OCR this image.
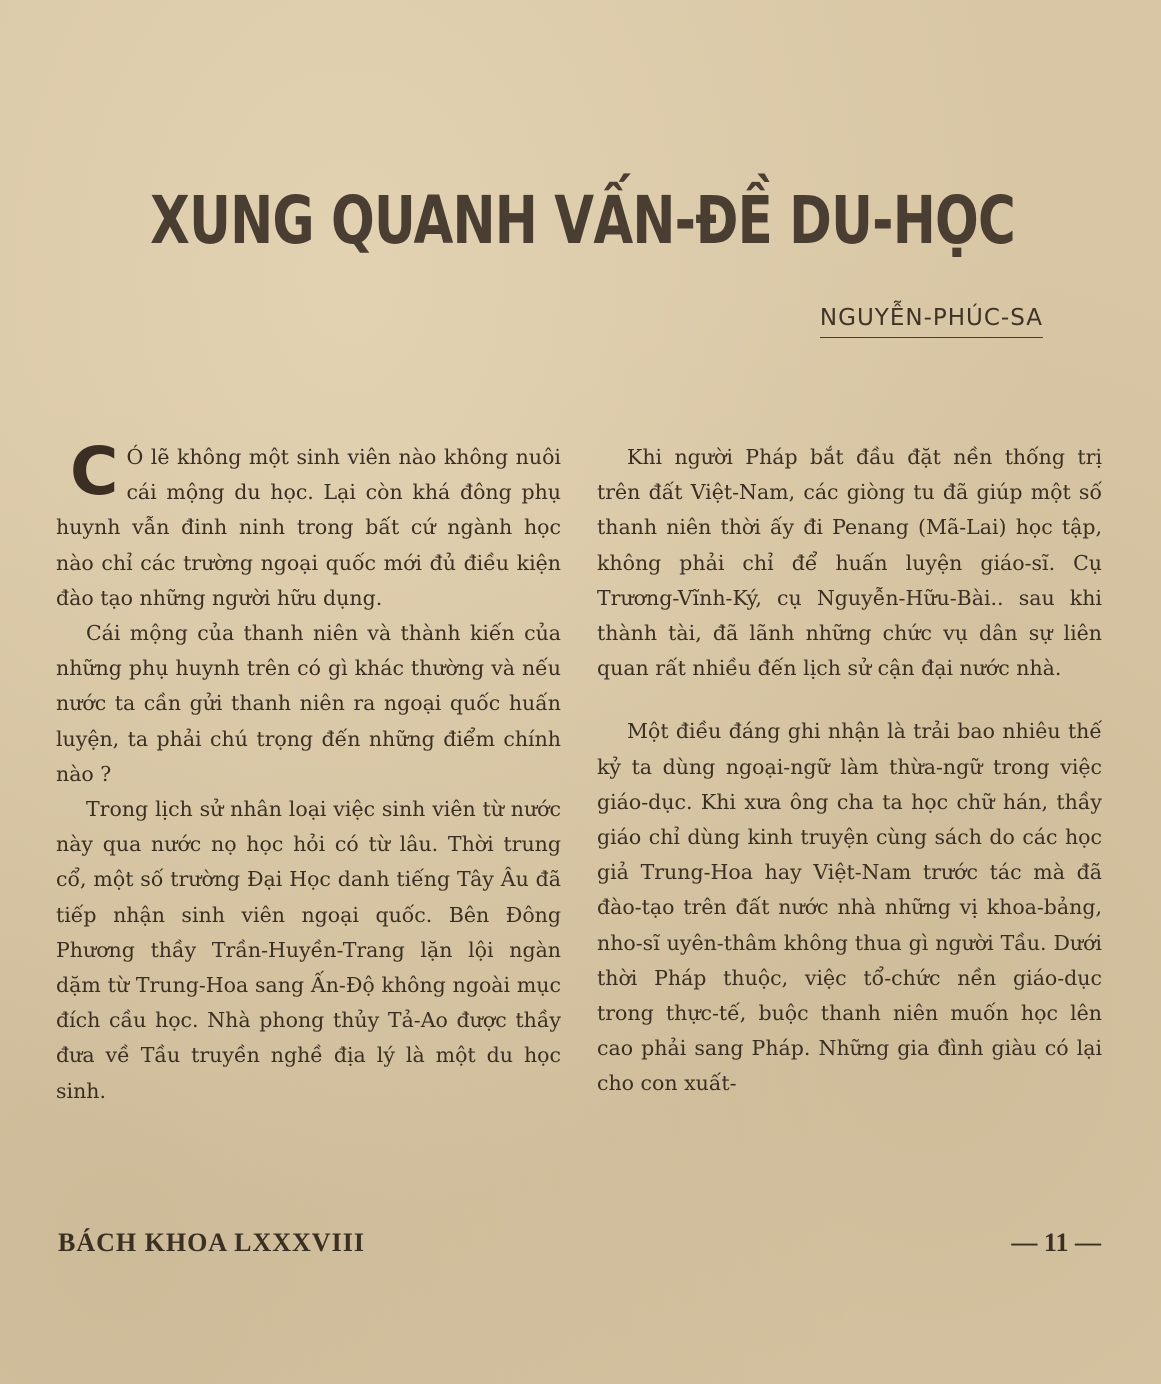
XUNG QUANH VẤN-ĐỀ DU-HỌC
NGUYỄN-PHÚC-SA

C Ó lẽ không một sinh viên nào không nuôi cái mộng du học. Lại còn khá đông phụ huynh vẫn đinh ninh trong bất cứ ngành học nào chỉ các trường ngoại quốc mới đủ điều kiện đào tạo những người hữu dụng.

Cái mộng của thanh niên và thành kiến của những phụ huynh trên có gì khác thường và nếu nước ta cần gửi thanh niên ra ngoại quốc huấn luyện, ta phải chú trọng đến những điểm chính nào ?

Trong lịch sử nhân loại việc sinh viên từ nước này qua nước nọ học hỏi có từ lâu. Thời trung cổ, một số trường Đại Học danh tiếng Tây Âu đã tiếp nhận sinh viên ngoại quốc. Bên Đông Phương thầy Trần-Huyền-Trang lặn lội ngàn dặm từ Trung-Hoa sang Ấn-Độ không ngoài mục đích cầu học. Nhà phong thủy Tả-Ao được thầy đưa về Tầu truyền nghề địa lý là một du học sinh.

Khi người Pháp bắt đầu đặt nền thống trị trên đất Việt-Nam, các giòng tu đã giúp một số thanh niên thời ấy đi Penang (Mã-Lai) học tập, không phải chỉ để huấn luyện giáo-sĩ. Cụ Trương-Vĩnh-Ký, cụ Nguyễn-Hữu-Bài.. sau khi thành tài, đã lãnh những chức vụ dân sự liên quan rất nhiều đến lịch sử cận đại nước nhà.

Một điều đáng ghi nhận là trải bao nhiêu thế kỷ ta dùng ngoại-ngữ làm thừa-ngữ trong việc giáo-dục. Khi xưa ông cha ta học chữ hán, thầy giáo chỉ dùng kinh truyện cùng sách do các học giả Trung-Hoa hay Việt-Nam trước tác mà đã đào-tạo trên đất nước nhà những vị khoa-bảng, nho-sĩ uyên-thâm không thua gì người Tầu. Dưới thời Pháp thuộc, việc tổ-chức nền giáo-dục trong thực-tế, buộc thanh niên muốn học lên cao phải sang Pháp. Những gia đình giàu có lại cho con xuất-

BÁCH KHOA LXXXVIII	— 11 —
